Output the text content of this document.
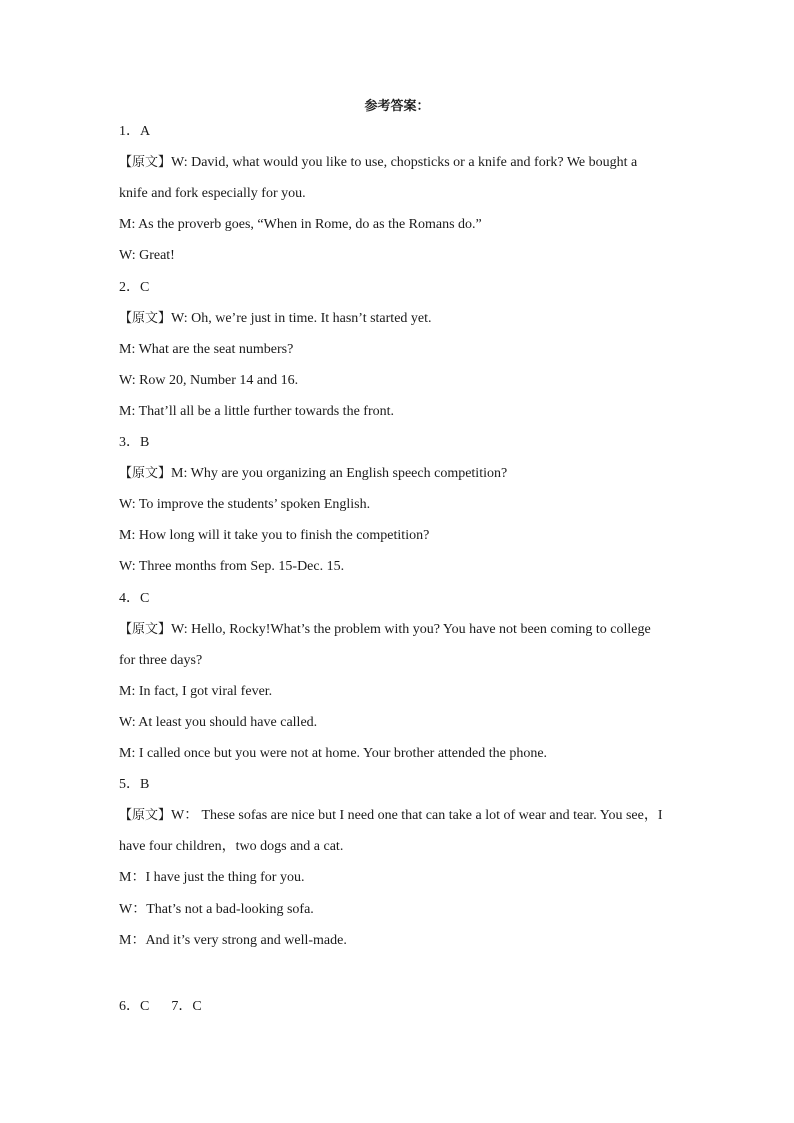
参考答案：
1．A
【原文】W: David, what would you like to use, chopsticks or a knife and fork? We bought a
knife and fork especially for you.
M: As the proverb goes, “When in Rome, do as the Romans do.”
W: Great!
2．C
【原文】W: Oh, we’re just in time. It hasn’t started yet.
M: What are the seat numbers?
W: Row 20, Number 14 and 16.
M: That’ll all be a little further towards the front.
3．B
【原文】M: Why are you organizing an English speech competition?
W: To improve the students’ spoken English.
M: How long will it take you to finish the competition?
W: Three months from Sep. 15-Dec. 15.
4．C
【原文】W: Hello, Rocky!What’s the problem with you? You have not been coming to college
for three days?
M: In fact, I got viral fever.
W: At least you should have called.
M: I called once but you were not at home. Your brother attended the phone.
5．B
【原文】W： These sofas are nice but I need one that can take a lot of wear and tear. You see，I
have four children，two dogs and a cat.
M：I have just the thing for you.
W：That’s not a bad-looking sofa.
M：And it’s very strong and well-made.
6．C 7．C
